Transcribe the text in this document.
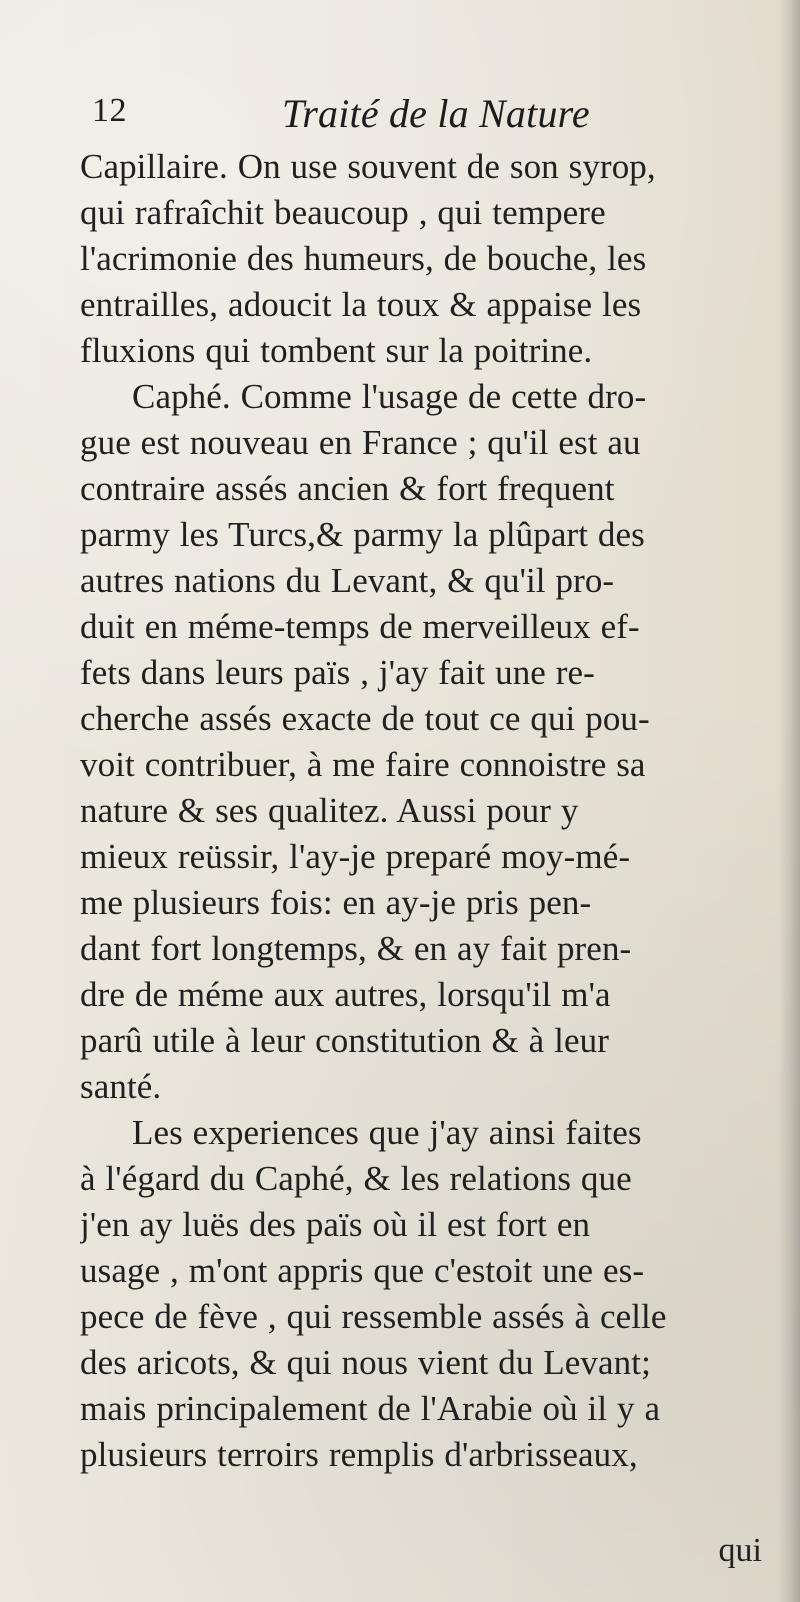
12	Traité de la Nature
Capillaire. On use souvent de son syrop,
qui rafraîchit beaucoup , qui tempere
l'acrimonie des humeurs, de bouche, les
entrailles, adoucit la toux & appaise les
fluxions qui tombent sur la poitrine.
Caphé. Comme l'usage de cette dro-
gue est nouveau en France ; qu'il est au
contraire assés ancien & fort frequent
parmy les Turcs,& parmy la plûpart des
autres nations du Levant, & qu'il pro-
duit en méme-temps de merveilleux ef-
fets dans leurs païs , j'ay fait une re-
cherche assés exacte de tout ce qui pou-
voit contribuer, à me faire connoistre sa
nature & ses qualitez. Aussi pour y
mieux reüssir, l'ay-je preparé moy-mé-
me plusieurs fois: en ay-je pris pen-
dant fort longtemps, & en ay fait pren-
dre de méme aux autres, lorsqu'il m'a
parû utile à leur constitution & à leur
santé.
Les experiences que j'ay ainsi faites
à l'égard du Caphé, & les relations que
j'en ay luës des païs où il est fort en
usage , m'ont appris que c'estoit une es-
pece de fève , qui ressemble assés à celle
des aricots, & qui nous vient du Levant;
mais principalement de l'Arabie où il y a
plusieurs terroirs remplis d'arbrisseaux,
qui
